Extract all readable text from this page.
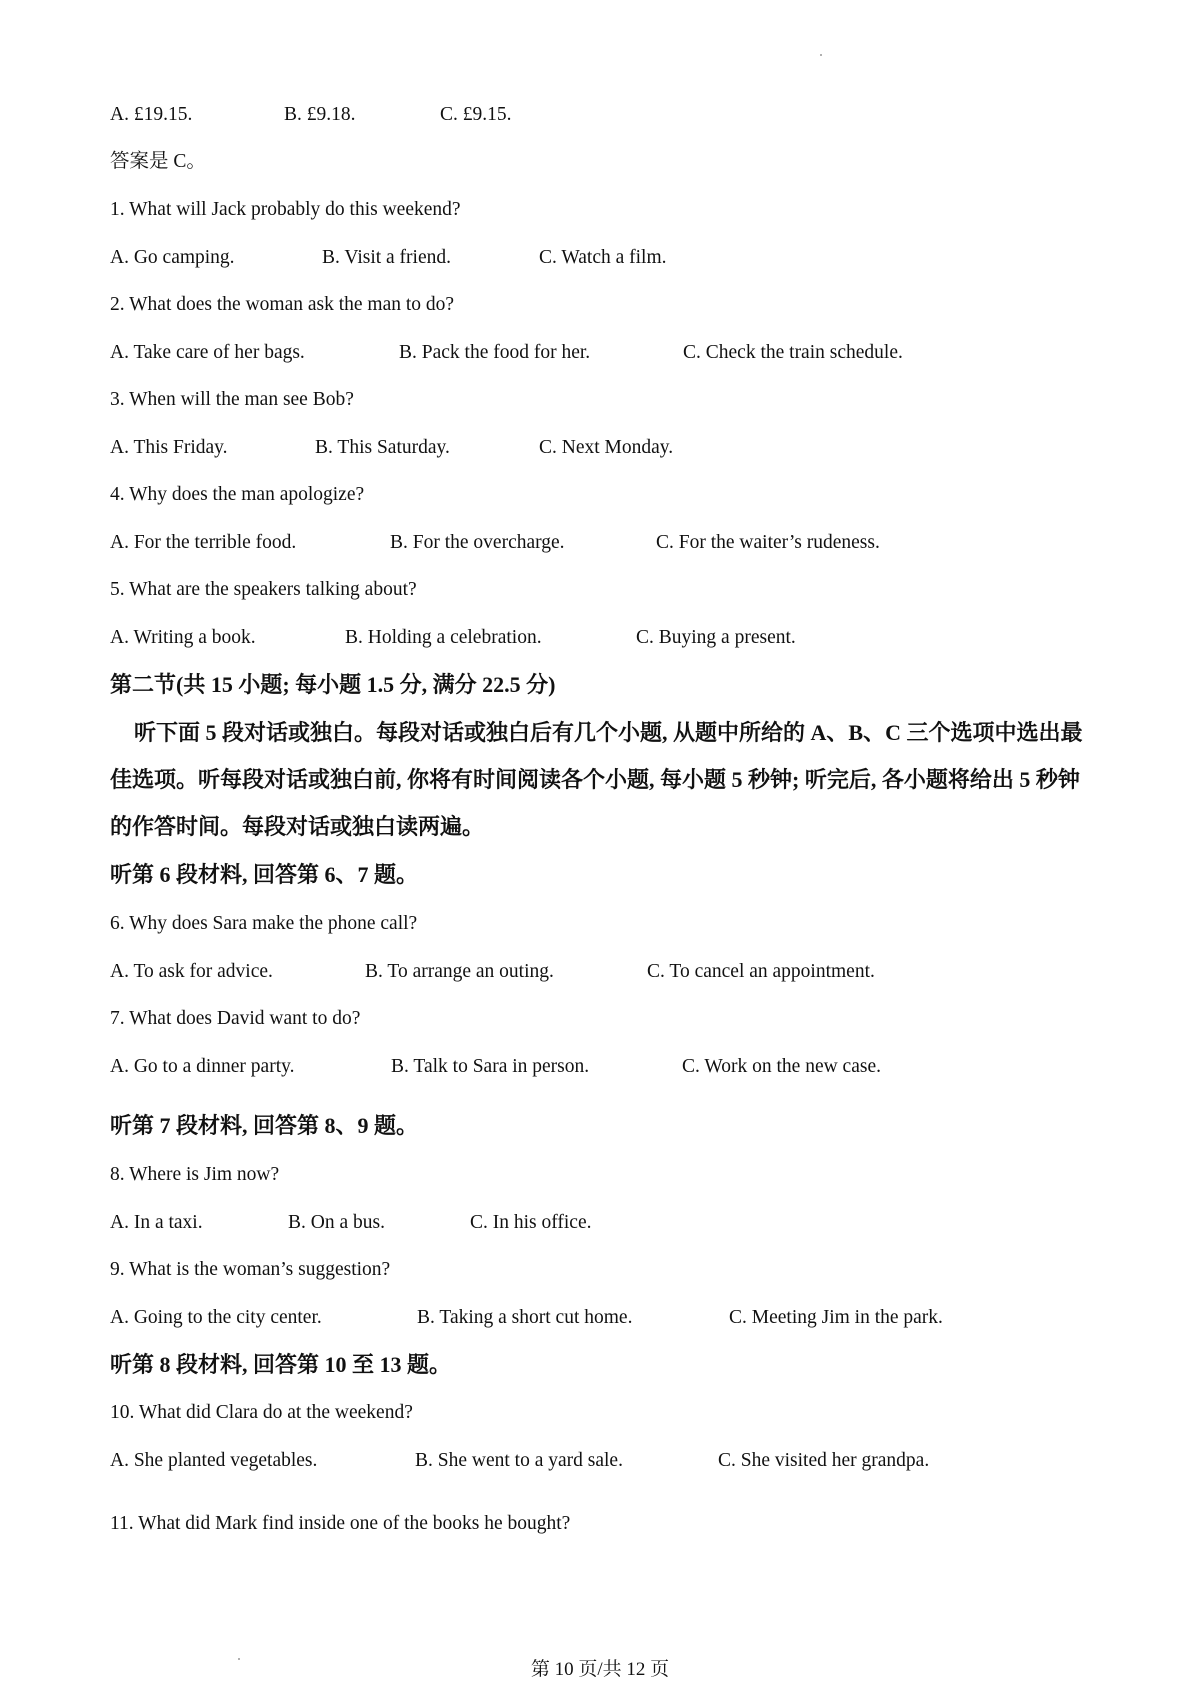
A. £19.15.	B. £9.18.	C. £9.15.
答案是 C。
1. What will Jack probably do this weekend?
A. Go camping.	B. Visit a friend.	C. Watch a film.
2. What does the woman ask the man to do?
A. Take care of her bags.	B. Pack the food for her.	C. Check the train schedule.
3. When will the man see Bob?
A. This Friday.	B. This Saturday.	C. Next Monday.
4. Why does the man apologize?
A. For the terrible food.	B. For the overcharge.	C. For the waiter’s rudeness.
5. What are the speakers talking about?
A. Writing a book.	B. Holding a celebration.	C. Buying a present.
第二节(共 15 小题; 每小题 1.5 分, 满分 22.5 分)
听下面 5 段对话或独白。每段对话或独白后有几个小题, 从题中所给的 A、B、C 三个选项中选出最佳选项。听每段对话或独白前, 你将有时间阅读各个小题, 每小题 5 秒钟; 听完后, 各小题将给出 5 秒钟的作答时间。每段对话或独白读两遍。
听第 6 段材料, 回答第 6、7 题。
6. Why does Sara make the phone call?
A. To ask for advice.	B. To arrange an outing.	C. To cancel an appointment.
7. What does David want to do?
A. Go to a dinner party.	B. Talk to Sara in person.	C. Work on the new case.
听第 7 段材料, 回答第 8、9 题。
8. Where is Jim now?
A. In a taxi.	B. On a bus.	C. In his office.
9. What is the woman’s suggestion?
A. Going to the city center.	B. Taking a short cut home.	C. Meeting Jim in the park.
听第 8 段材料, 回答第 10 至 13 题。
10. What did Clara do at the weekend?
A. She planted vegetables.	B. She went to a yard sale.	C. She visited her grandpa.
11. What did Mark find inside one of the books he bought?
第 10 页/共 12 页
